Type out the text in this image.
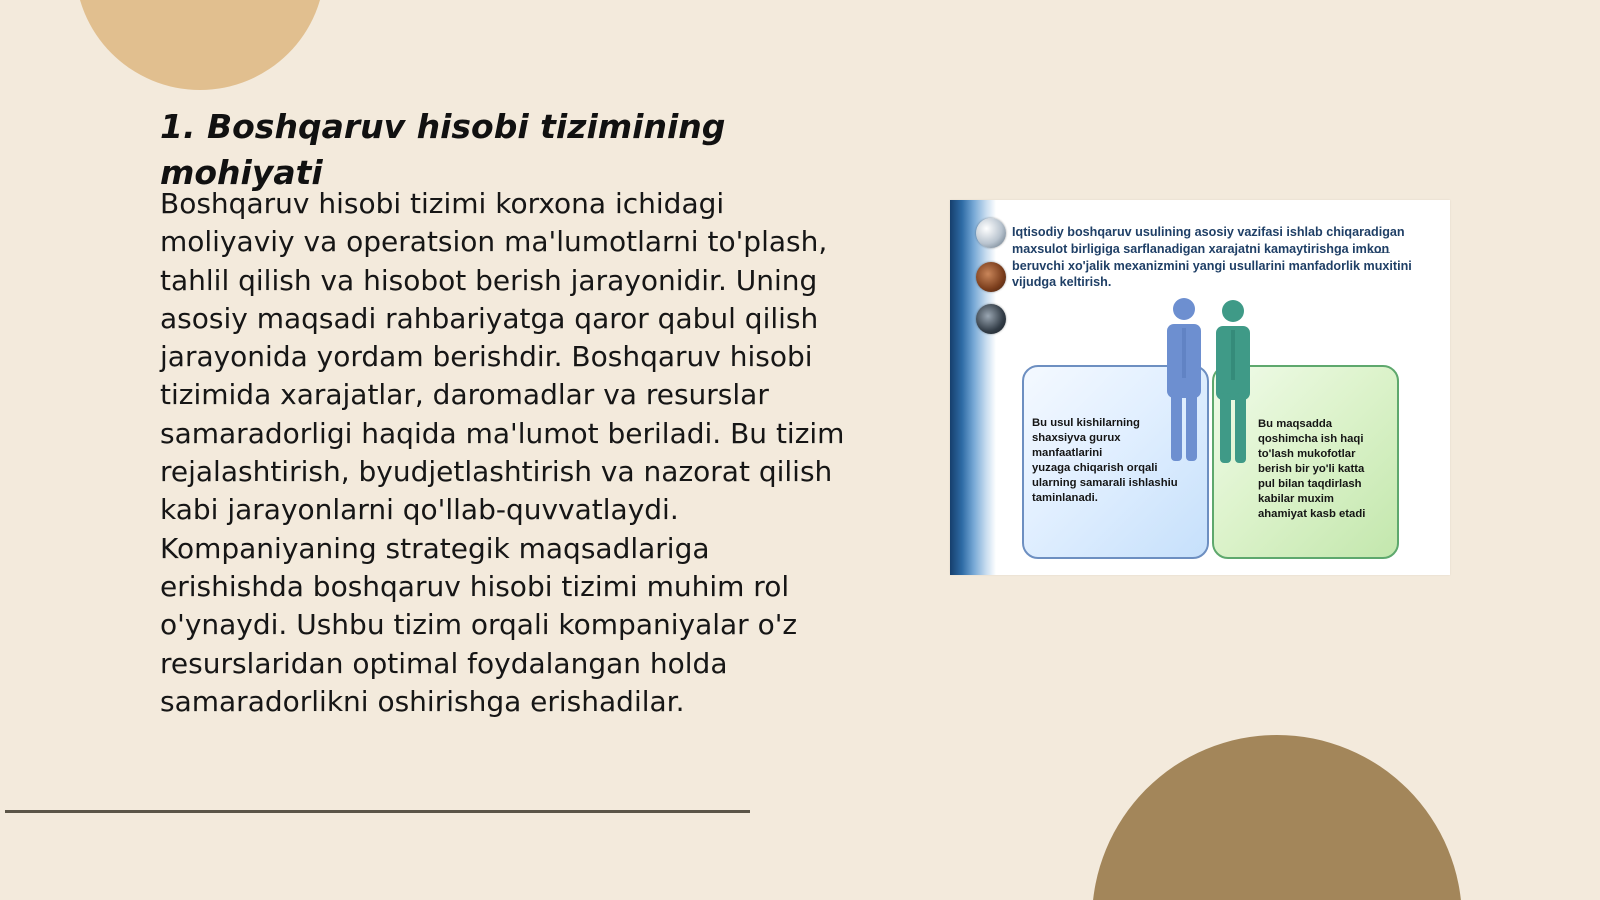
1. Boshqaruv hisobi tizimining mohiyati

Boshqaruv hisobi tizimi korxona ichidagi moliyaviy va operatsion ma'lumotlarni to'plash, tahlil qilish va hisobot berish jarayonidir. Uning asosiy maqsadi rahbariyatga qaror qabul qilish jarayonida yordam berishdir. Boshqaruv hisobi tizimida xarajatlar, daromadlar va resurslar samaradorligi haqida ma'lumot beriladi. Bu tizim rejalashtirish, byudjetlashtirish va nazorat qilish kabi jarayonlarni qo'llab-quvvatlaydi. Kompaniyaning strategik maqsadlariga erishishda boshqaruv hisobi tizimi muhim rol o'ynaydi. Ushbu tizim orqali kompaniyalar o'z resurslaridan optimal foydalangan holda samaradorlikni oshirishga erishadilar.

Iqtisodiy boshqaruv usulining asosiy vazifasi ishlab chiqaradigan maxsulot birligiga sarflanadigan xarajatni kamaytirishga imkon beruvchi xo'jalik mexanizmini yangi usullarini manfadorlik muxitini vijudga keltirish.

Bu usul kishilarning
shaxsiyva gurux
manfaatlarini
yuzaga chiqarish orqali
ularning samarali ishlashiu
taminlanadi.

Bu maqsadda
qoshimcha ish haqi
to'lash mukofotlar
berish bir yo'li katta
pul bilan taqdirlash
kabilar muxim
ahamiyat kasb etadi
